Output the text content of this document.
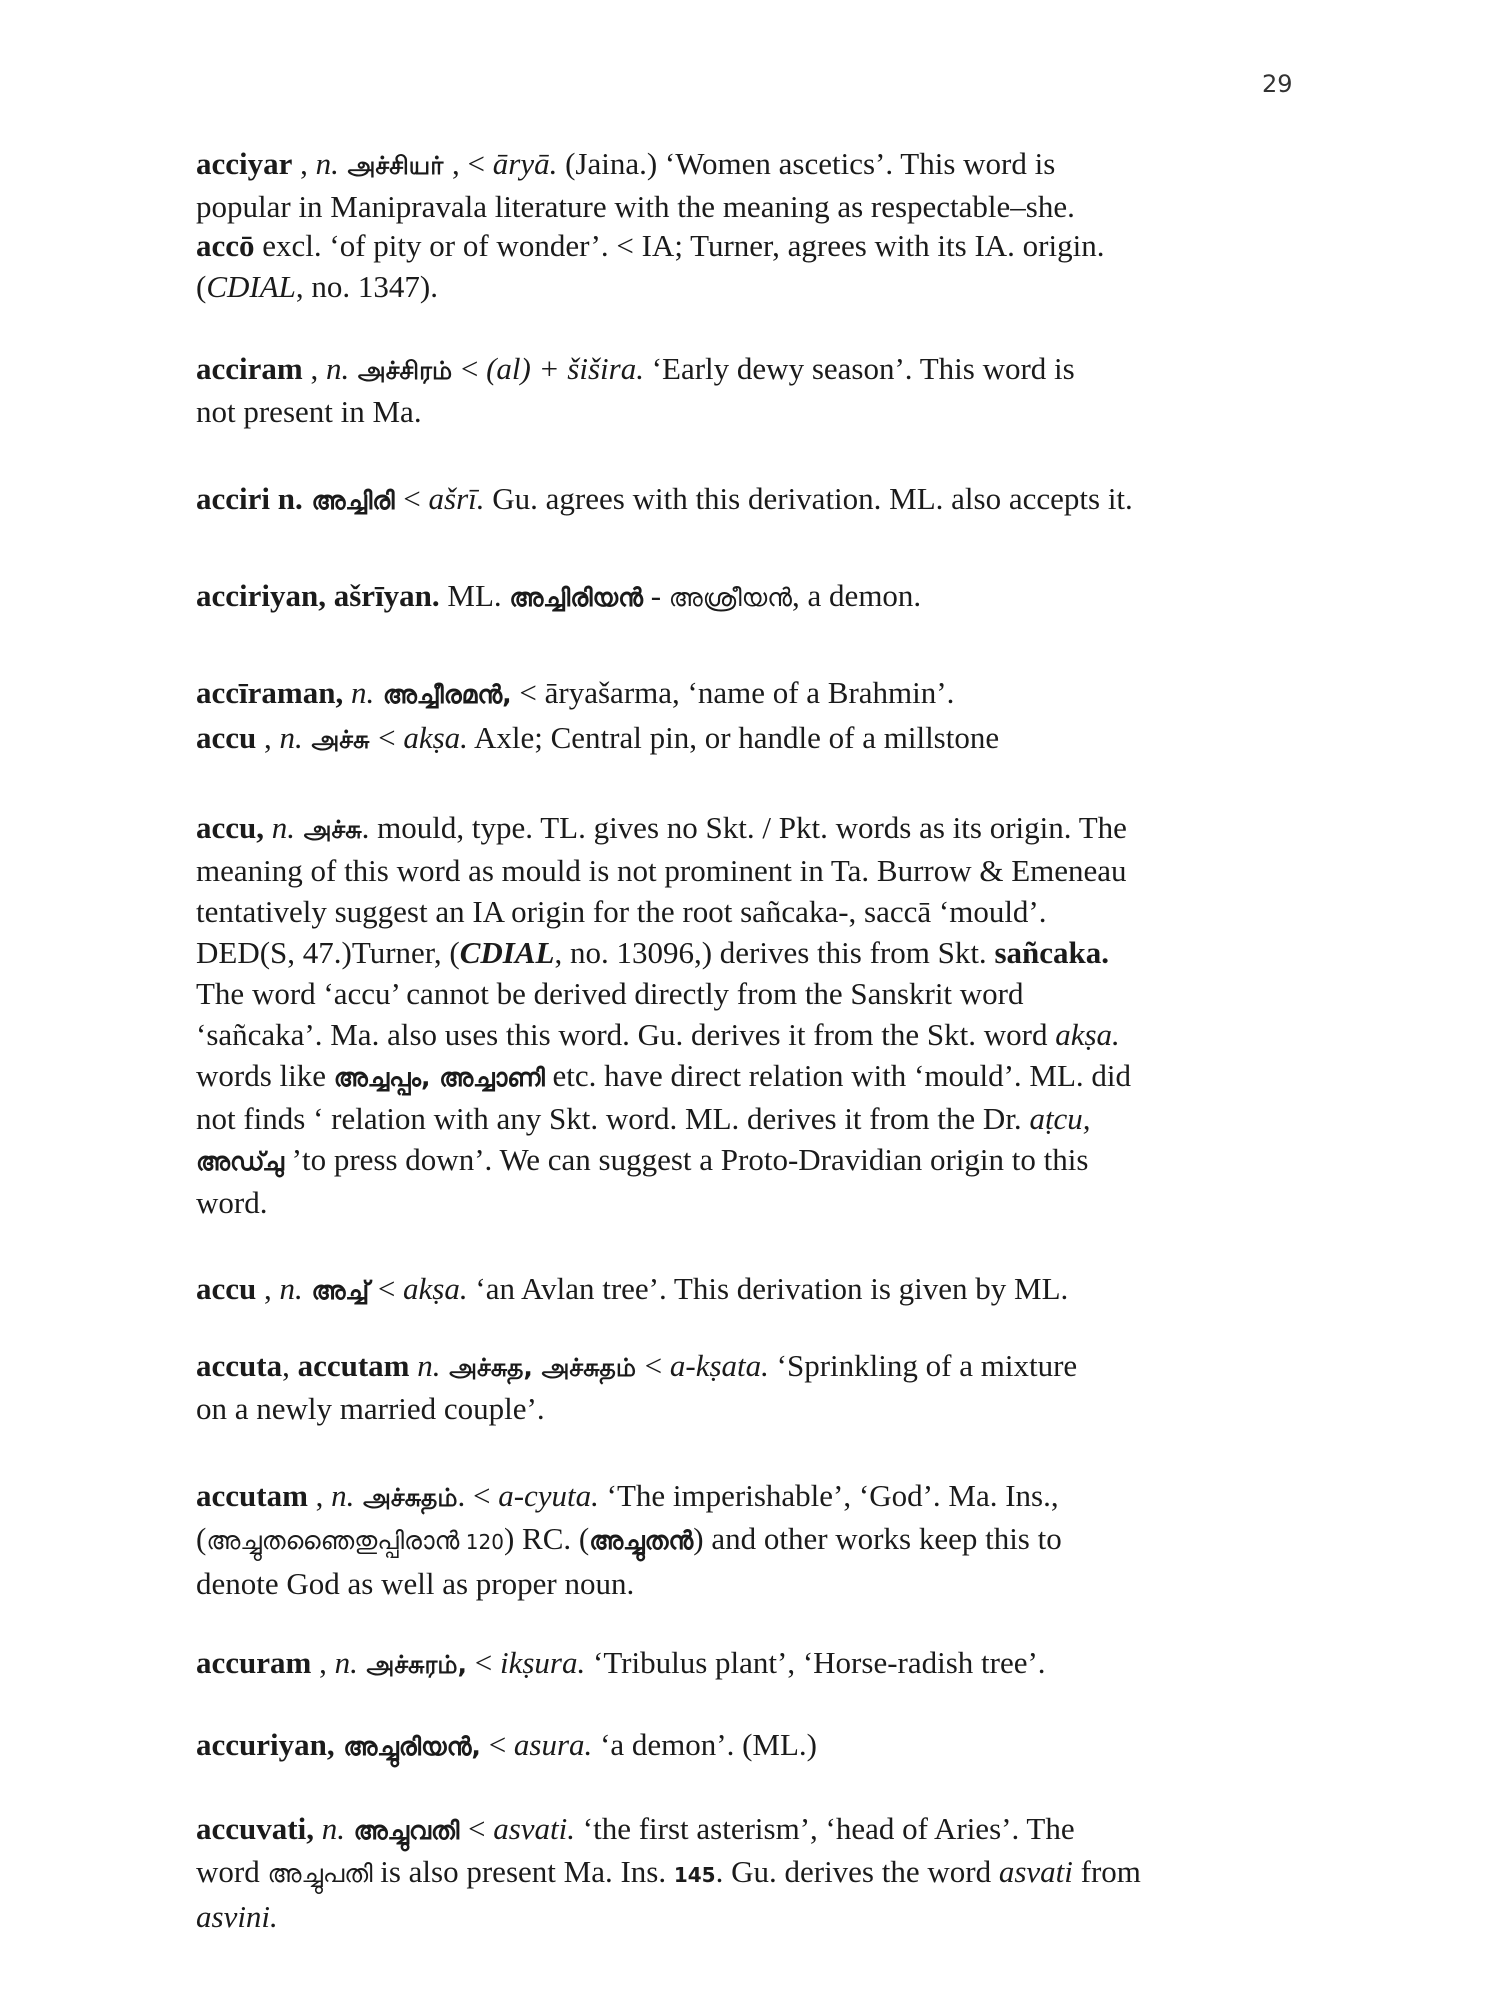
29
acciyar , n. அச்சியர் , < āryā. (Jaina.) ‘Women ascetics’. This word is
popular in Manipravala literature with the meaning as respectable–she.
accō excl. ‘of pity or of wonder’. < IA; Turner, agrees with its IA. origin.
(CDIAL, no. 1347).
acciram , n. அச்சிரம் < (al) + šišira. ‘Early dewy season’. This word is
not present in Ma.
acciri n. അച്ചിരി < ašrī. Gu. agrees with this derivation. ML. also accepts it.
acciriyan, ašrīyan. ML. അച്ചിരിയൻ - അശ്രീയൻ, a demon.
accīraman, n. അച്ചീരമൻ, < āryašarma, ‘name of a Brahmin’.
accu , n. அச்சு < akṣa. Axle; Central pin, or handle of a millstone
accu, n. அச்சு. mould, type. TL. gives no Skt. / Pkt. words as its origin. The
meaning of this word as mould is not prominent in Ta. Burrow & Emeneau
tentatively suggest an IA origin for the root sañcaka-, saccā ‘mould’.
DED(S, 47.)Turner, (CDIAL, no. 13096,) derives this from Skt. sañcaka.
The word ‘accu’ cannot be derived directly from the Sanskrit word
‘sañcaka’. Ma. also uses this word. Gu. derives it from the Skt. word akṣa.
words like അച്ചപ്പം, അച്ചാണി etc. have direct relation with ‘mould’. ML. did
not finds ‘ relation with any Skt. word. ML. derives it from the Dr. aṭcu,
അഡ്ചു ’to press down’. We can suggest a Proto-Dravidian origin to this
word.
accu , n. അച്ച് < akṣa. ‘an Avlan tree’. This derivation is given by ML.
accuta, accutam n. அச்சுத, அச்சுதம் < a-kṣata. ‘Sprinkling of a mixture
on a newly married couple’.
accutam , n. அச்சுதம். < a-cyuta. ‘The imperishable’, ‘God’. Ma. Ins.,
(അച്ചുതഞൈതുപ്പിരാൻ 120) RC. (അച്ചുതൻ) and other works keep this to
denote God as well as proper noun.
accuram , n. அச்சுரம், < ikṣura. ‘Tribulus plant’, ‘Horse-radish tree’.
accuriyan, അച്ചുരിയൻ, < asura. ‘a demon’. (ML.)
accuvati, n. അച്ചുവതി < asvati. ‘the first asterism’, ‘head of Aries’. The
word അച്ചുപതി is also present Ma. Ins. 145. Gu. derives the word asvati from
asvini.
